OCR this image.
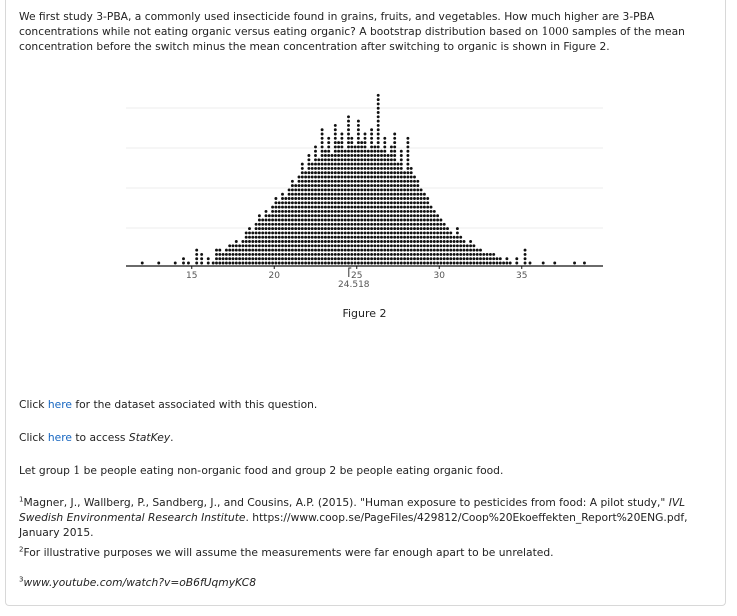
We first study 3-PBA, a commonly used insecticide found in grains, fruits, and vegetables. How much higher are 3-PBA concentrations while not eating organic versus eating organic? A bootstrap distribution based on 1000 samples of the mean concentration before the switch minus the mean concentration after switching to organic is shown in Figure 2.

15	20	25	30	35
24.518
Figure 2

Click here for the dataset associated with this question.

Click here to access StatKey.

Let group 1 be people eating non-organic food and group 2 be people eating organic food.

$^1$Magner, J., Wallberg, P., Sandberg, J., and Cousins, A.P. (2015). "Human exposure to pesticides from food: A pilot study," IVL Swedish Environmental Research Institute. https://www.coop.se/PageFiles/429812/Coop%20Ekoeffekten_Report%20ENG.pdf, January 2015.

$^2$For illustrative purposes we will assume the measurements were far enough apart to be unrelated.

$^3$www.youtube.com/watch?v=oB6fUqmyKC8
